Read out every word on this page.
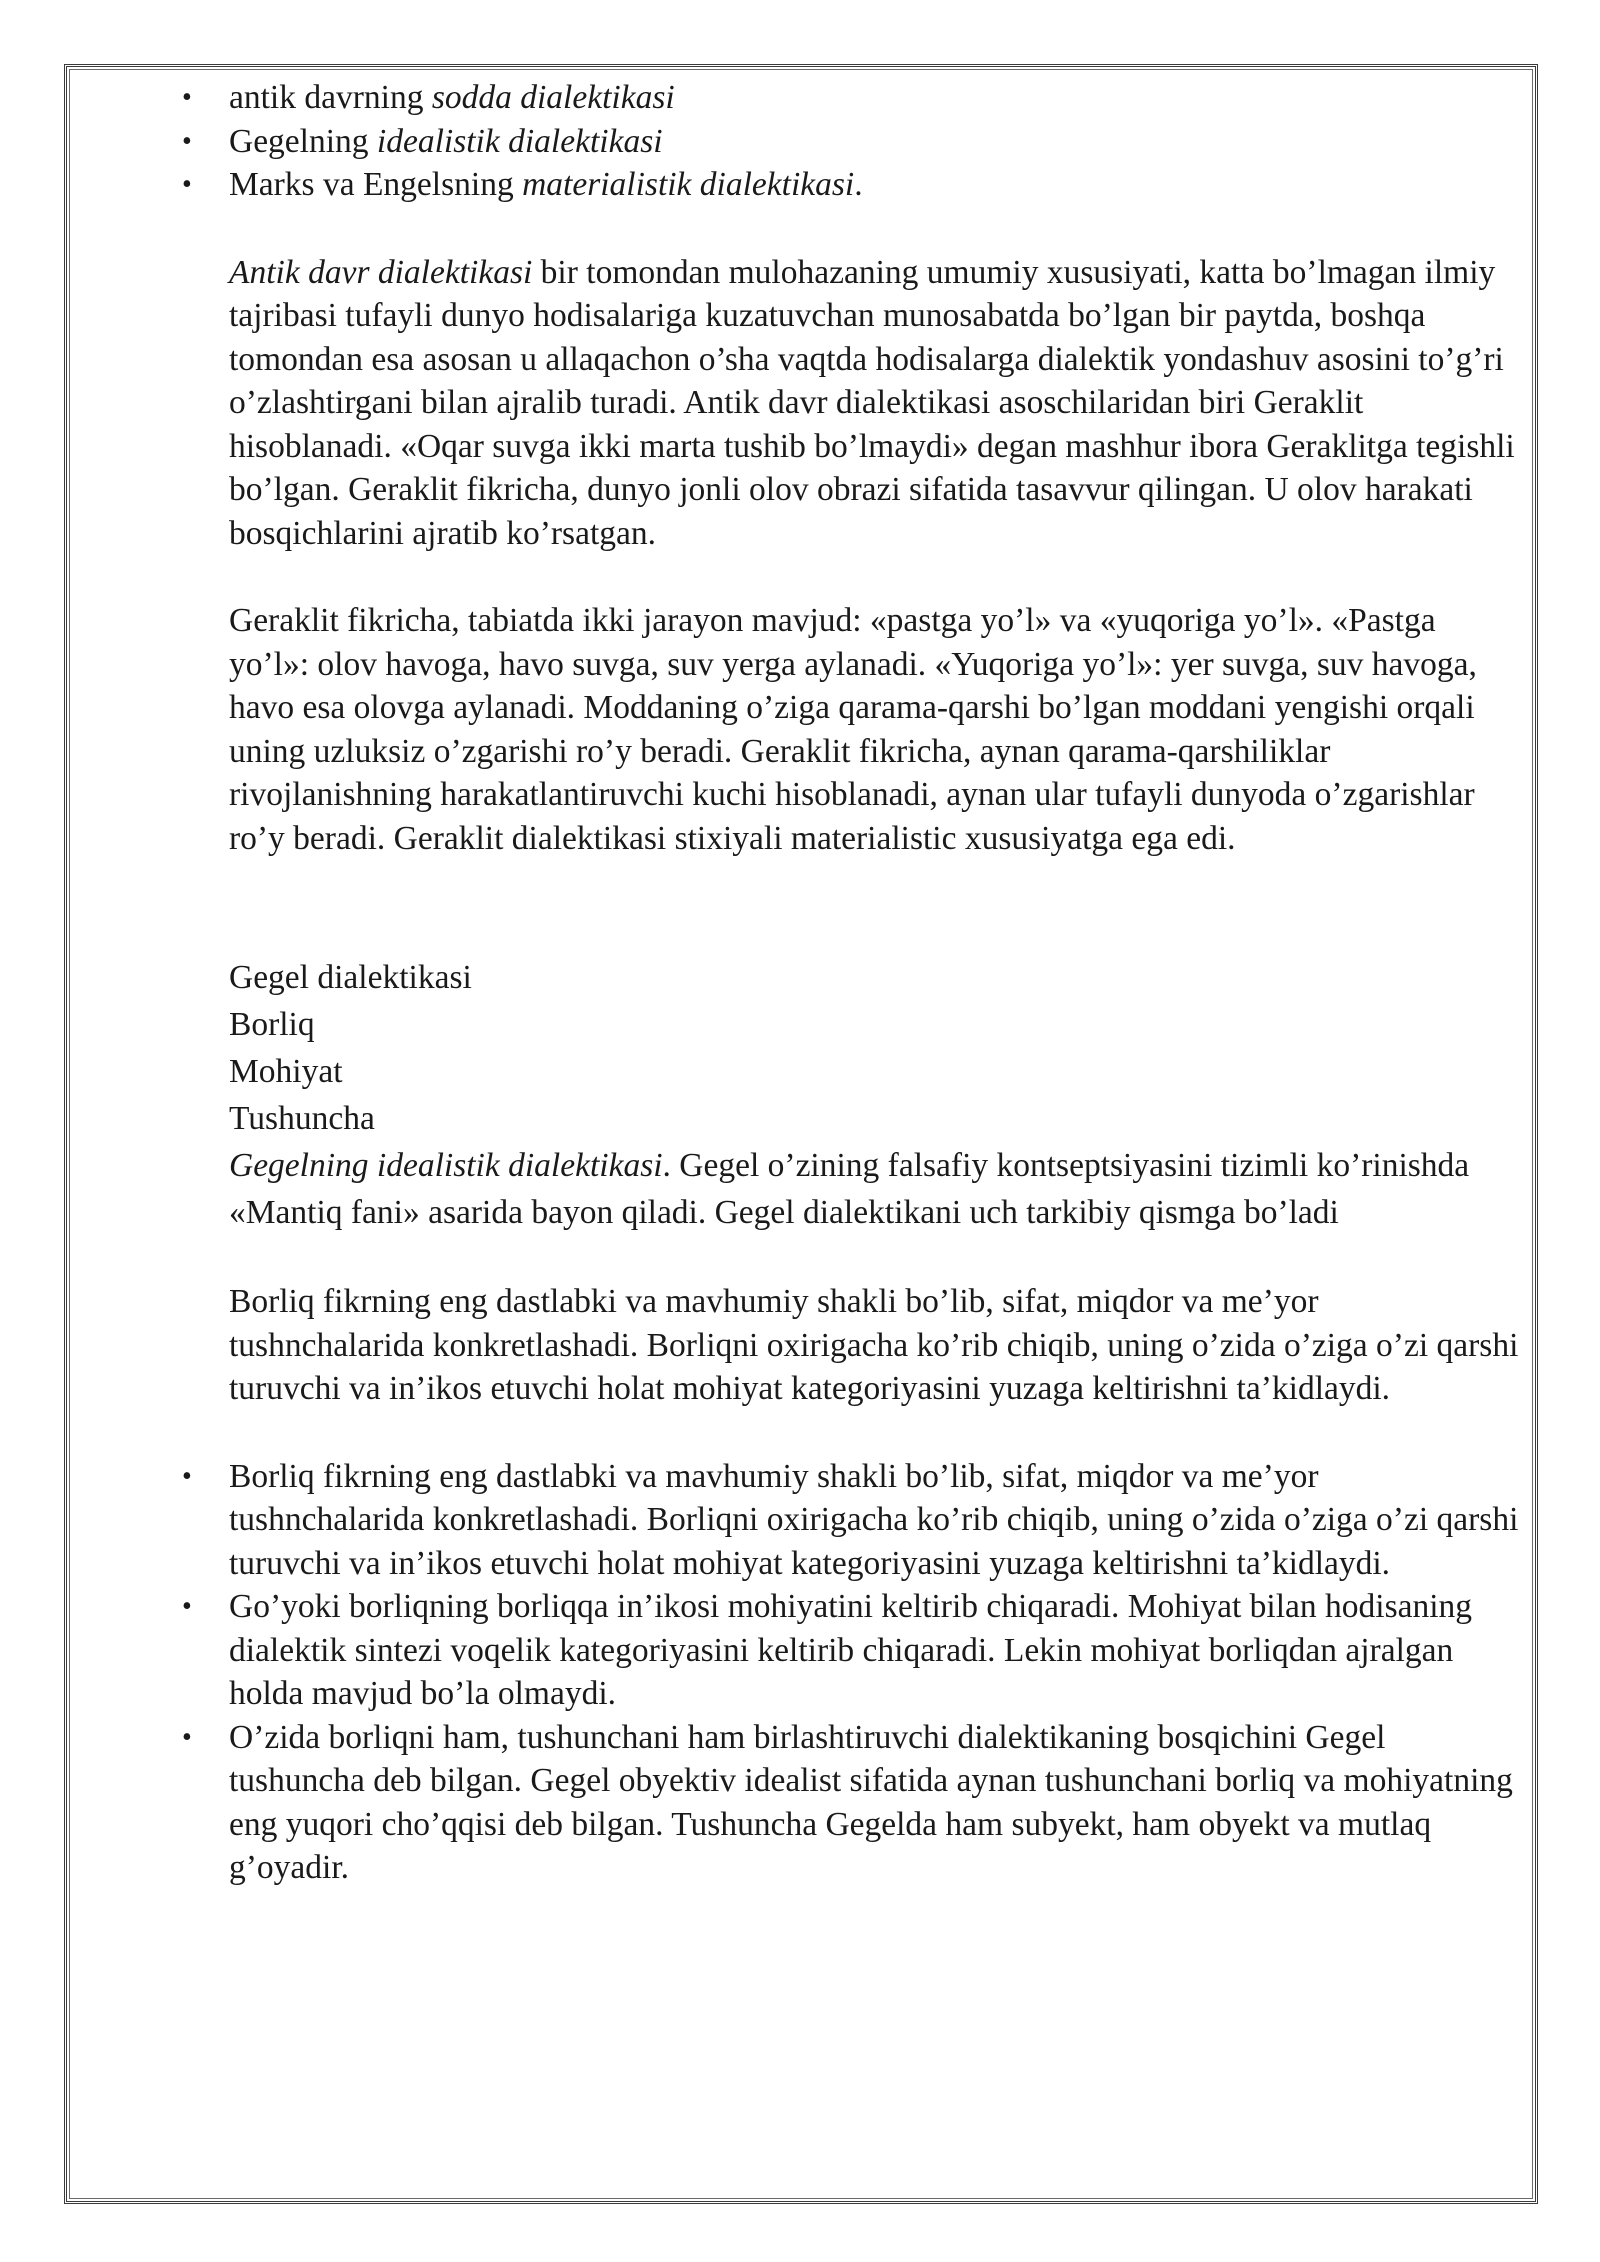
• antik davrning sodda dialektikasi
• Gegelning idealistik dialektikasi
• Marks va Engelsning materialistik dialektikasi.

Antik davr dialektikasi bir tomondan mulohazaning umumiy xususiyati, katta bo’lmagan ilmiy tajribasi tufayli dunyo hodisalariga kuzatuvchan munosabatda bo’lgan bir paytda, boshqa tomondan esa asosan u allaqachon o’sha vaqtda hodisalarga dialektik yondashuv asosini to’g’ri o’zlashtirgani bilan ajralib turadi. Antik davr dialektikasi asoschilaridan biri Geraklit hisoblanadi. «Oqar suvga ikki marta tushib bo’lmaydi» degan mashhur ibora Geraklitga tegishli bo’lgan. Geraklit fikricha, dunyo jonli olov obrazi sifatida tasavvur qilingan. U olov harakati bosqichlarini ajratib ko’rsatgan.

Geraklit fikricha, tabiatda ikki jarayon mavjud: «pastga yo’l» va «yuqoriga yo’l». «Pastga yo’l»: olov havoga, havo suvga, suv yerga aylanadi. «Yuqoriga yo’l»: yer suvga, suv havoga, havo esa olovga aylanadi. Moddaning o’ziga qarama-qarshi bo’lgan moddani yengishi orqali uning uzluksiz o’zgarishi ro’y beradi. Geraklit fikricha, aynan qarama-qarshiliklar rivojlanishning harakatlantiruvchi kuchi hisoblanadi, aynan ular tufayli dunyoda o’zgarishlar ro’y beradi. Geraklit dialektikasi stixiyali materialistic xususiyatga ega edi.

Gegel dialektikasi
Borliq
Mohiyat
Tushuncha

Gegelning idealistik dialektikasi. Gegel o’zining falsafiy kontseptsiyasini tizimli ko’rinishda «Mantiq fani» asarida bayon qiladi. Gegel dialektikani uch tarkibiy qismga bo’ladi

Borliq fikrning eng dastlabki va mavhumiy shakli bo’lib, sifat, miqdor va me’yor tushnchalarida konkretlashadi. Borliqni oxirigacha ko’rib chiqib, uning o’zida o’ziga o’zi qarshi turuvchi va in’ikos etuvchi holat mohiyat kategoriyasini yuzaga keltirishni ta’kidlaydi.

• Borliq fikrning eng dastlabki va mavhumiy shakli bo’lib, sifat, miqdor va me’yor tushnchalarida konkretlashadi. Borliqni oxirigacha ko’rib chiqib, uning o’zida o’ziga o’zi qarshi turuvchi va in’ikos etuvchi holat mohiyat kategoriyasini yuzaga keltirishni ta’kidlaydi.
• Go’yoki borliqning borliqqa in’ikosi mohiyatini keltirib chiqaradi. Mohiyat bilan hodisaning dialektik sintezi voqelik kategoriyasini keltirib chiqaradi. Lekin mohiyat borliqdan ajralgan holda mavjud bo’la olmaydi.
• O’zida borliqni ham, tushunchani ham birlashtiruvchi dialektikaning bosqichini Gegel tushuncha deb bilgan. Gegel obyektiv idealist sifatida aynan tushunchani borliq va mohiyatning eng yuqori cho’qqisi deb bilgan. Tushuncha Gegelda ham subyekt, ham obyekt va mutlaq g’oyadir.
